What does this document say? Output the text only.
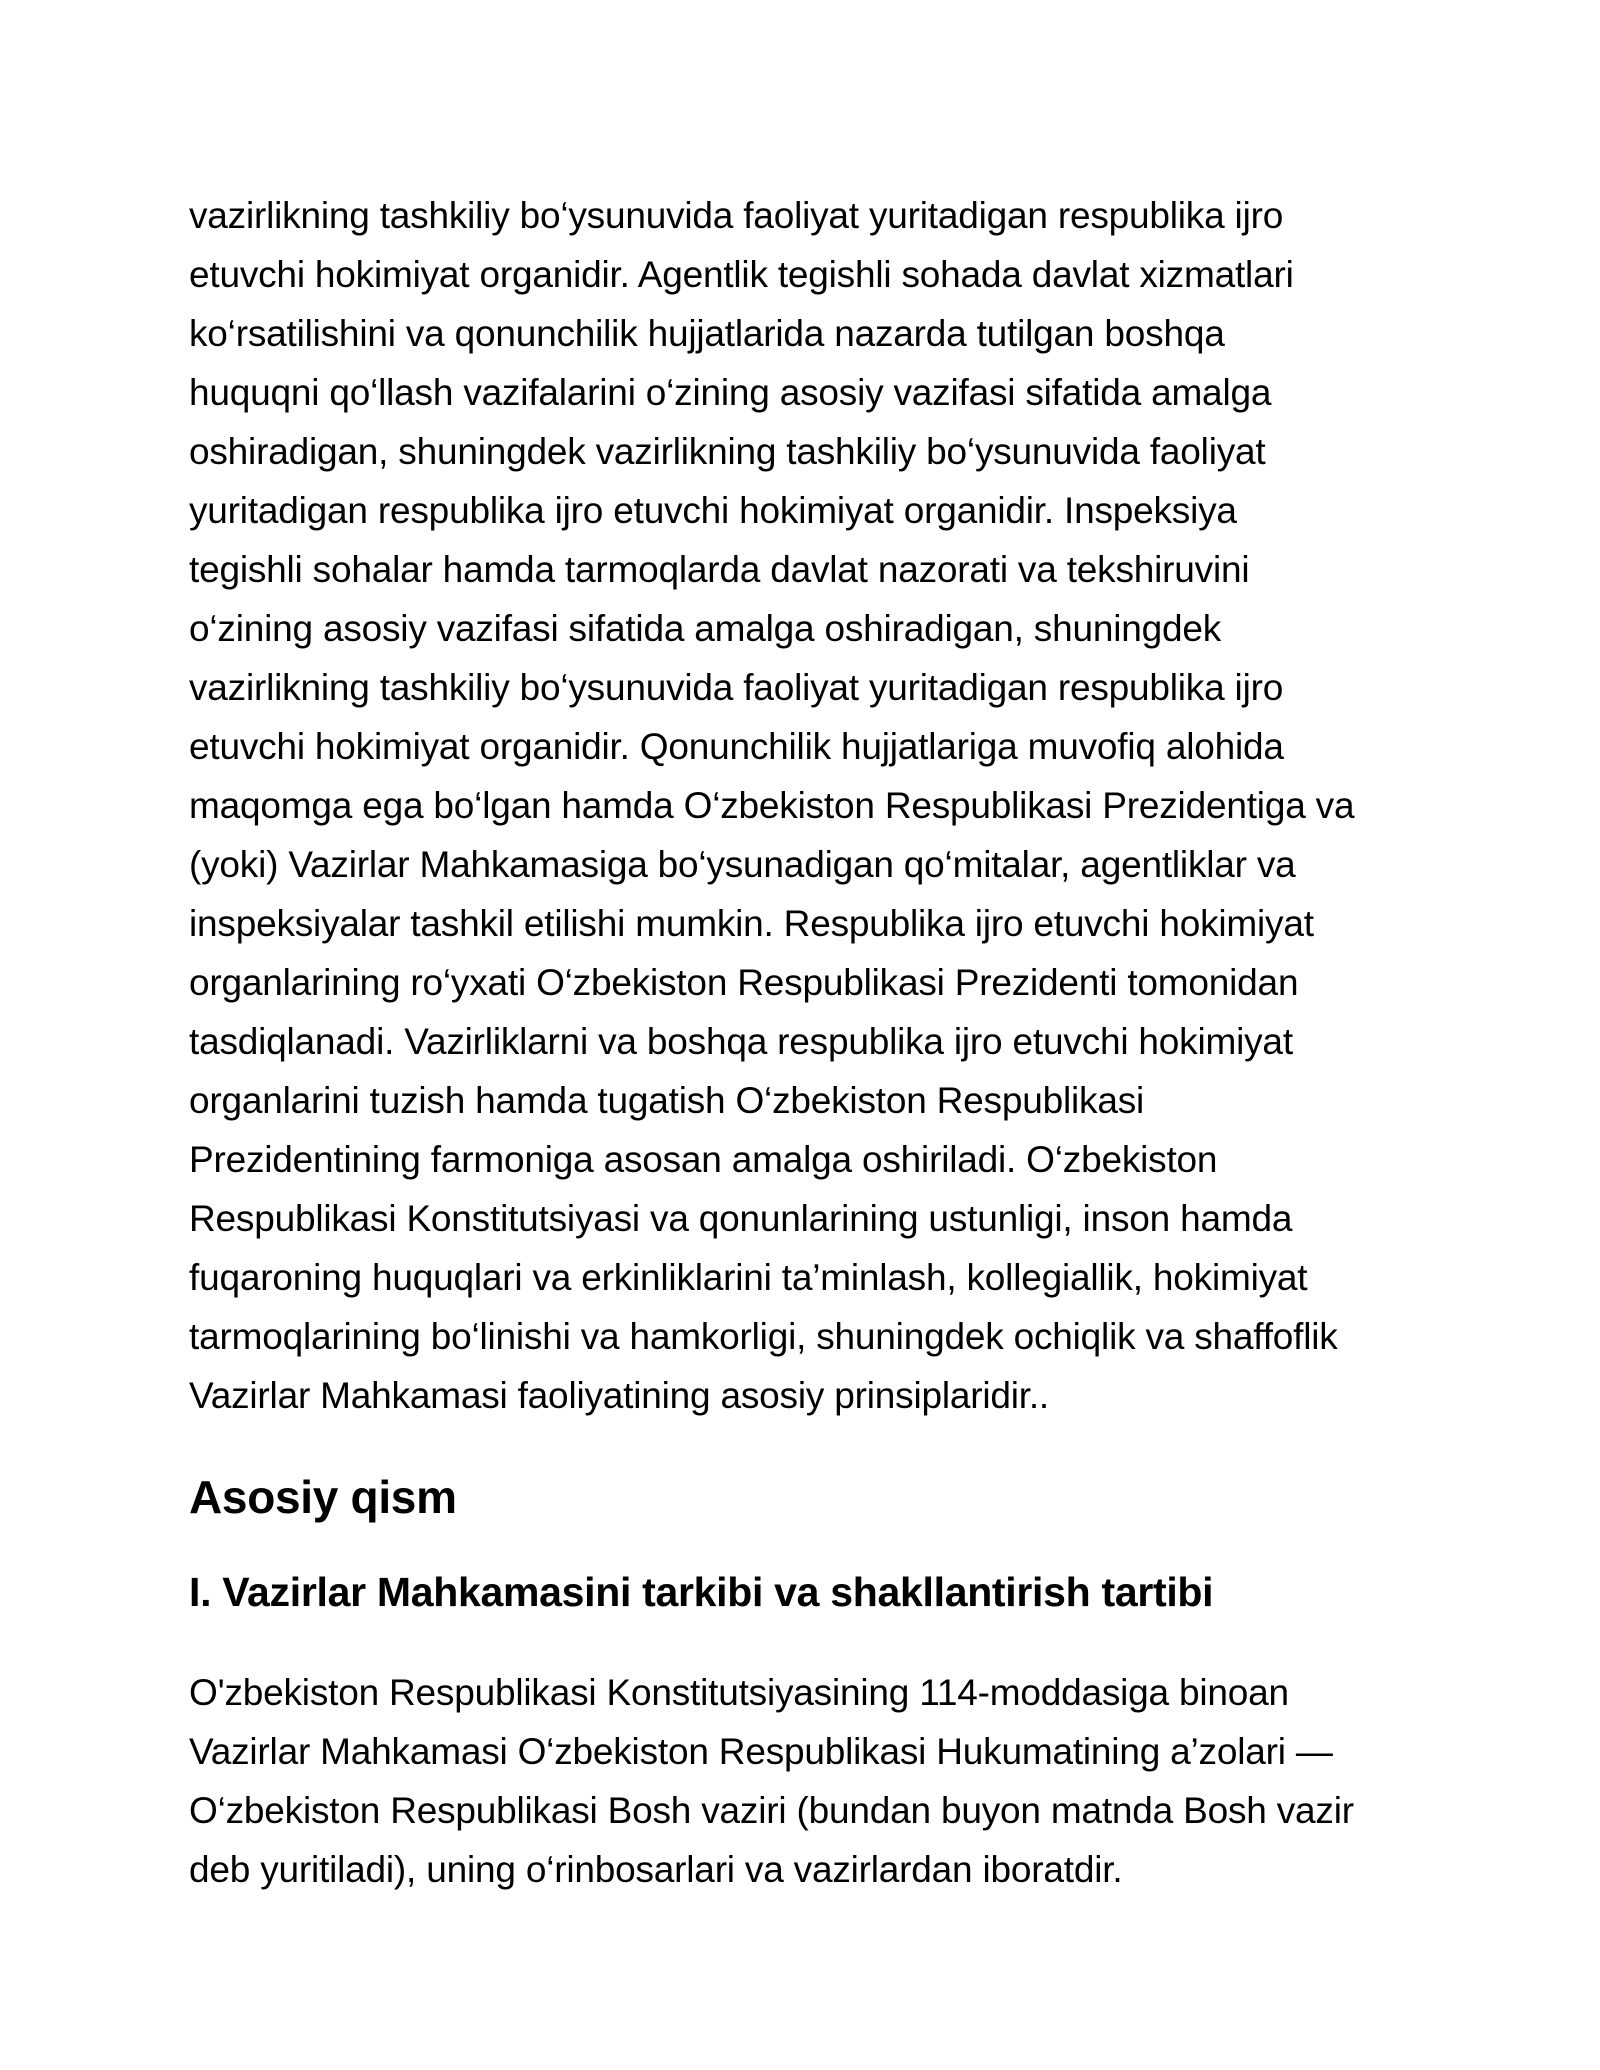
vazirlikning tashkiliy bo‘ysunuvida faoliyat yuritadigan respublika ijro
etuvchi hokimiyat organidir. Agentlik tegishli sohada davlat xizmatlari
ko‘rsatilishini va qonunchilik hujjatlarida nazarda tutilgan boshqa
huquqni qo‘llash vazifalarini o‘zining asosiy vazifasi sifatida amalga
oshiradigan, shuningdek vazirlikning tashkiliy bo‘ysunuvida faoliyat
yuritadigan respublika ijro etuvchi hokimiyat organidir. Inspeksiya
tegishli sohalar hamda tarmoqlarda davlat nazorati va tekshiruvini
o‘zining asosiy vazifasi sifatida amalga oshiradigan, shuningdek
vazirlikning tashkiliy bo‘ysunuvida faoliyat yuritadigan respublika ijro
etuvchi hokimiyat organidir. Qonunchilik hujjatlariga muvofiq alohida
maqomga ega bo‘lgan hamda O‘zbekiston Respublikasi Prezidentiga va
(yoki) Vazirlar Mahkamasiga bo‘ysunadigan qo‘mitalar, agentliklar va
inspeksiyalar tashkil etilishi mumkin. Respublika ijro etuvchi hokimiyat
organlarining ro‘yxati O‘zbekiston Respublikasi Prezidenti tomonidan
tasdiqlanadi. Vazirliklarni va boshqa respublika ijro etuvchi hokimiyat
organlarini tuzish hamda tugatish O‘zbekiston Respublikasi
Prezidentining farmoniga asosan amalga oshiriladi. O‘zbekiston
Respublikasi Konstitutsiyasi va qonunlarining ustunligi, inson hamda
fuqaroning huquqlari va erkinliklarini ta’minlash, kollegiallik, hokimiyat
tarmoqlarining bo‘linishi va hamkorligi, shuningdek ochiqlik va shaffoflik
Vazirlar Mahkamasi faoliyatining asosiy prinsiplaridir..

Asosiy qism
I. Vazirlar Mahkamasini tarkibi va shakllantirish tartibi

O'zbekiston Respublikasi Konstitutsiyasining 114-moddasiga binoan
Vazirlar Mahkamasi O‘zbekiston Respublikasi Hukumatining a’zolari —
O‘zbekiston Respublikasi Bosh vaziri (bundan buyon matnda Bosh vazir
deb yuritiladi), uning o‘rinbosarlari va vazirlardan iboratdir.
